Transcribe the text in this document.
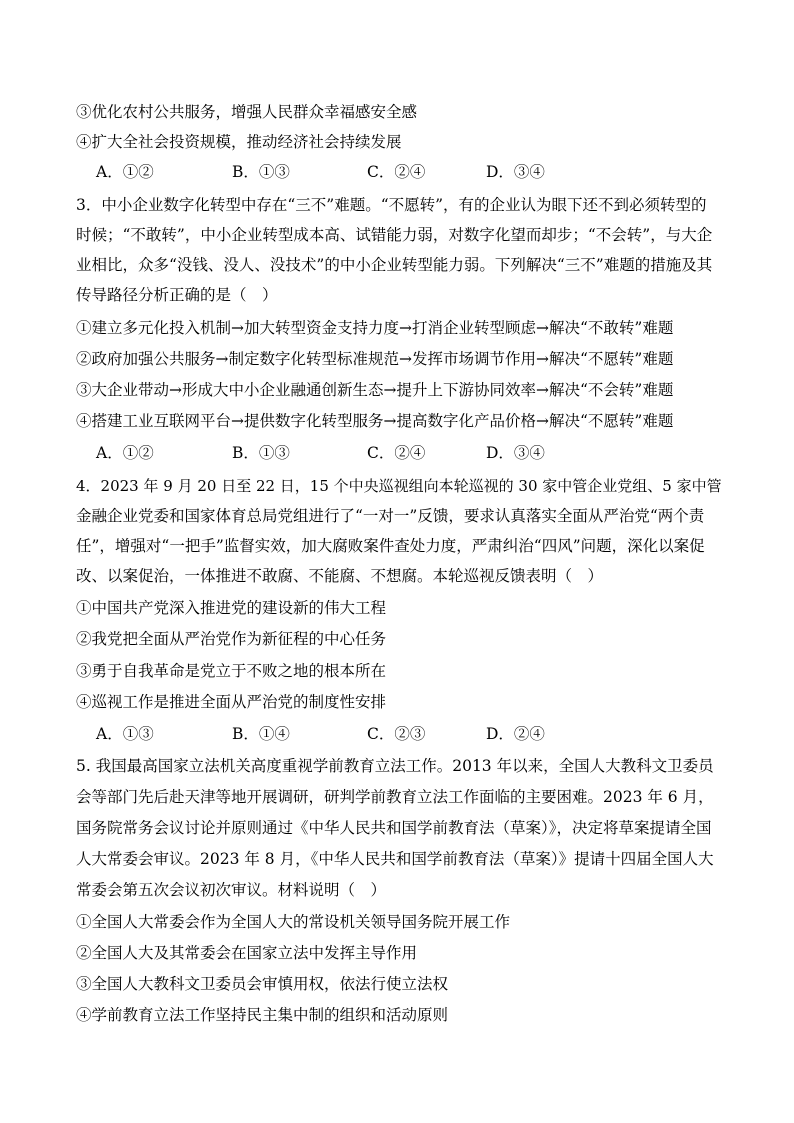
③优化农村公共服务，增强人民群众幸福感安全感
④扩大全社会投资规模，推动经济社会持续发展
A．①②	B．①③	C．②④	D．③④
3．中小企业数字化转型中存在“三不”难题。“不愿转”，有的企业认为眼下还不到必须转型的
时候；“不敢转”，中小企业转型成本高、试错能力弱，对数字化望而却步；“不会转”，与大企
业相比，众多“没钱、没人、没技术”的中小企业转型能力弱。下列解决“三不”难题的措施及其
传导路径分析正确的是（　）
①建立多元化投入机制→加大转型资金支持力度→打消企业转型顾虑→解决“不敢转”难题
②政府加强公共服务→制定数字化转型标准规范→发挥市场调节作用→解决“不愿转”难题
③大企业带动→形成大中小企业融通创新生态→提升上下游协同效率→解决“不会转”难题
④搭建工业互联网平台→提供数字化转型服务→提高数字化产品价格→解决“不愿转”难题
A．①②	B．①③	C．②④	D．③④
4．2023 年 9 月 20 日至 22 日，15 个中央巡视组向本轮巡视的 30 家中管企业党组、5 家中管
金融企业党委和国家体育总局党组进行了“一对一”反馈，要求认真落实全面从严治党“两个责
任”，增强对“一把手”监督实效，加大腐败案件查处力度，严肃纠治“四风”问题，深化以案促
改、以案促治，一体推进不敢腐、不能腐、不想腐。本轮巡视反馈表明（　）
①中国共产党深入推进党的建设新的伟大工程
②我党把全面从严治党作为新征程的中心任务
③勇于自我革命是党立于不败之地的根本所在
④巡视工作是推进全面从严治党的制度性安排
A．①③	B．①④	C．②③	D．②④
5. 我国最高国家立法机关高度重视学前教育立法工作。2013 年以来，全国人大教科文卫委员
会等部门先后赴天津等地开展调研，研判学前教育立法工作面临的主要困难。2023 年 6 月，
国务院常务会议讨论并原则通过《中华人民共和国学前教育法（草案）》，决定将草案提请全国
人大常委会审议。2023 年 8 月，《中华人民共和国学前教育法（草案）》提请十四届全国人大
常委会第五次会议初次审议。材料说明（　）
①全国人大常委会作为全国人大的常设机关领导国务院开展工作
②全国人大及其常委会在国家立法中发挥主导作用
③全国人大教科文卫委员会审慎用权，依法行使立法权
④学前教育立法工作坚持民主集中制的组织和活动原则
